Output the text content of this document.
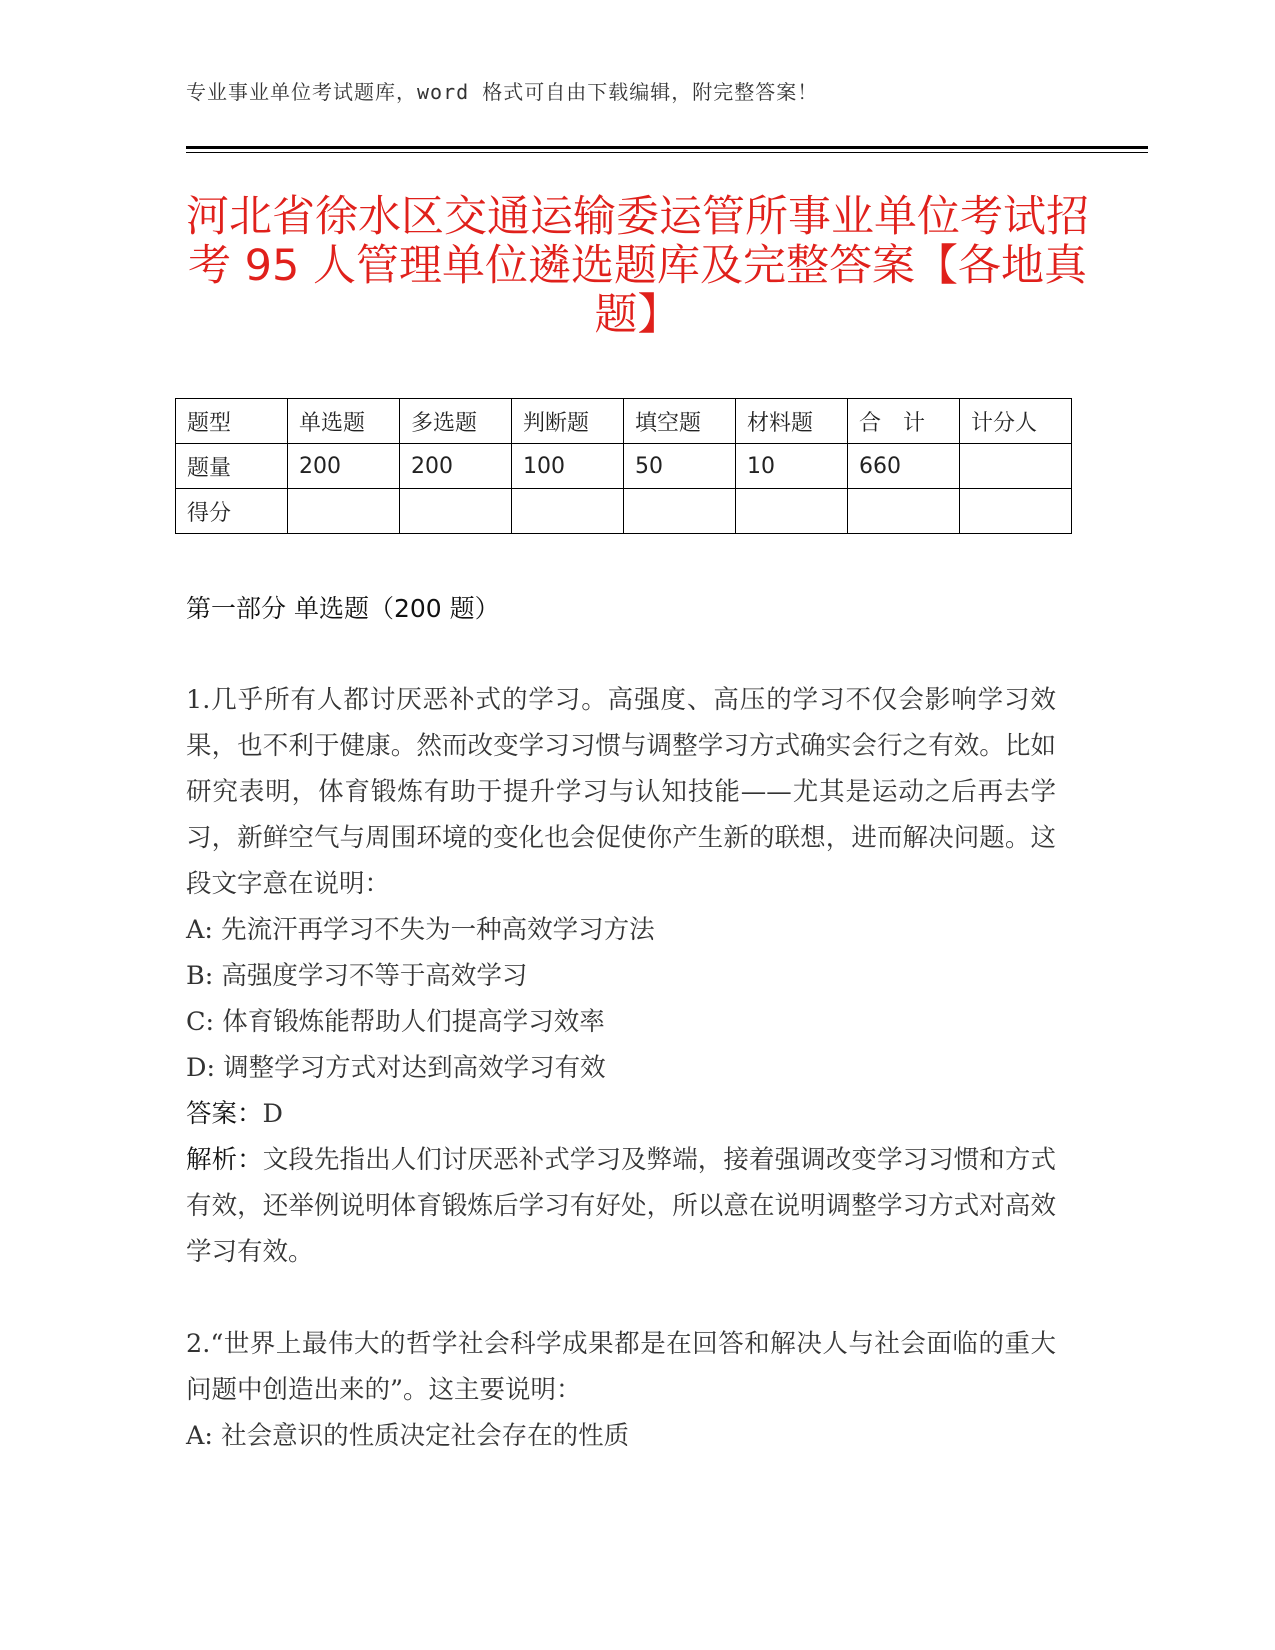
专业事业单位考试题库，word 格式可自由下载编辑，附完整答案！
河北省徐水区交通运输委运管所事业单位考试招考 95 人管理单位遴选题库及完整答案【各地真题】
题型	单选题	多选题	判断题	填空题	材料题	合　计	计分人
题量	200	200	100	50	10	660	
得分							
第一部分 单选题（200 题）

1.几乎所有人都讨厌恶补式的学习。高强度、高压的学习不仅会影响学习效果，也不利于健康。然而改变学习习惯与调整学习方式确实会行之有效。比如研究表明，体育锻炼有助于提升学习与认知技能——尤其是运动之后再去学习，新鲜空气与周围环境的变化也会促使你产生新的联想，进而解决问题。这段文字意在说明：

A: 先流汗再学习不失为一种高效学习方法

B: 高强度学习不等于高效学习

C: 体育锻炼能帮助人们提高学习效率

D: 调整学习方式对达到高效学习有效

答案：D

解析：文段先指出人们讨厌恶补式学习及弊端，接着强调改变学习习惯和方式有效，还举例说明体育锻炼后学习有好处，所以意在说明调整学习方式对高效学习有效。

2.“世界上最伟大的哲学社会科学成果都是在回答和解决人与社会面临的重大问题中创造出来的”。这主要说明：

A: 社会意识的性质决定社会存在的性质
